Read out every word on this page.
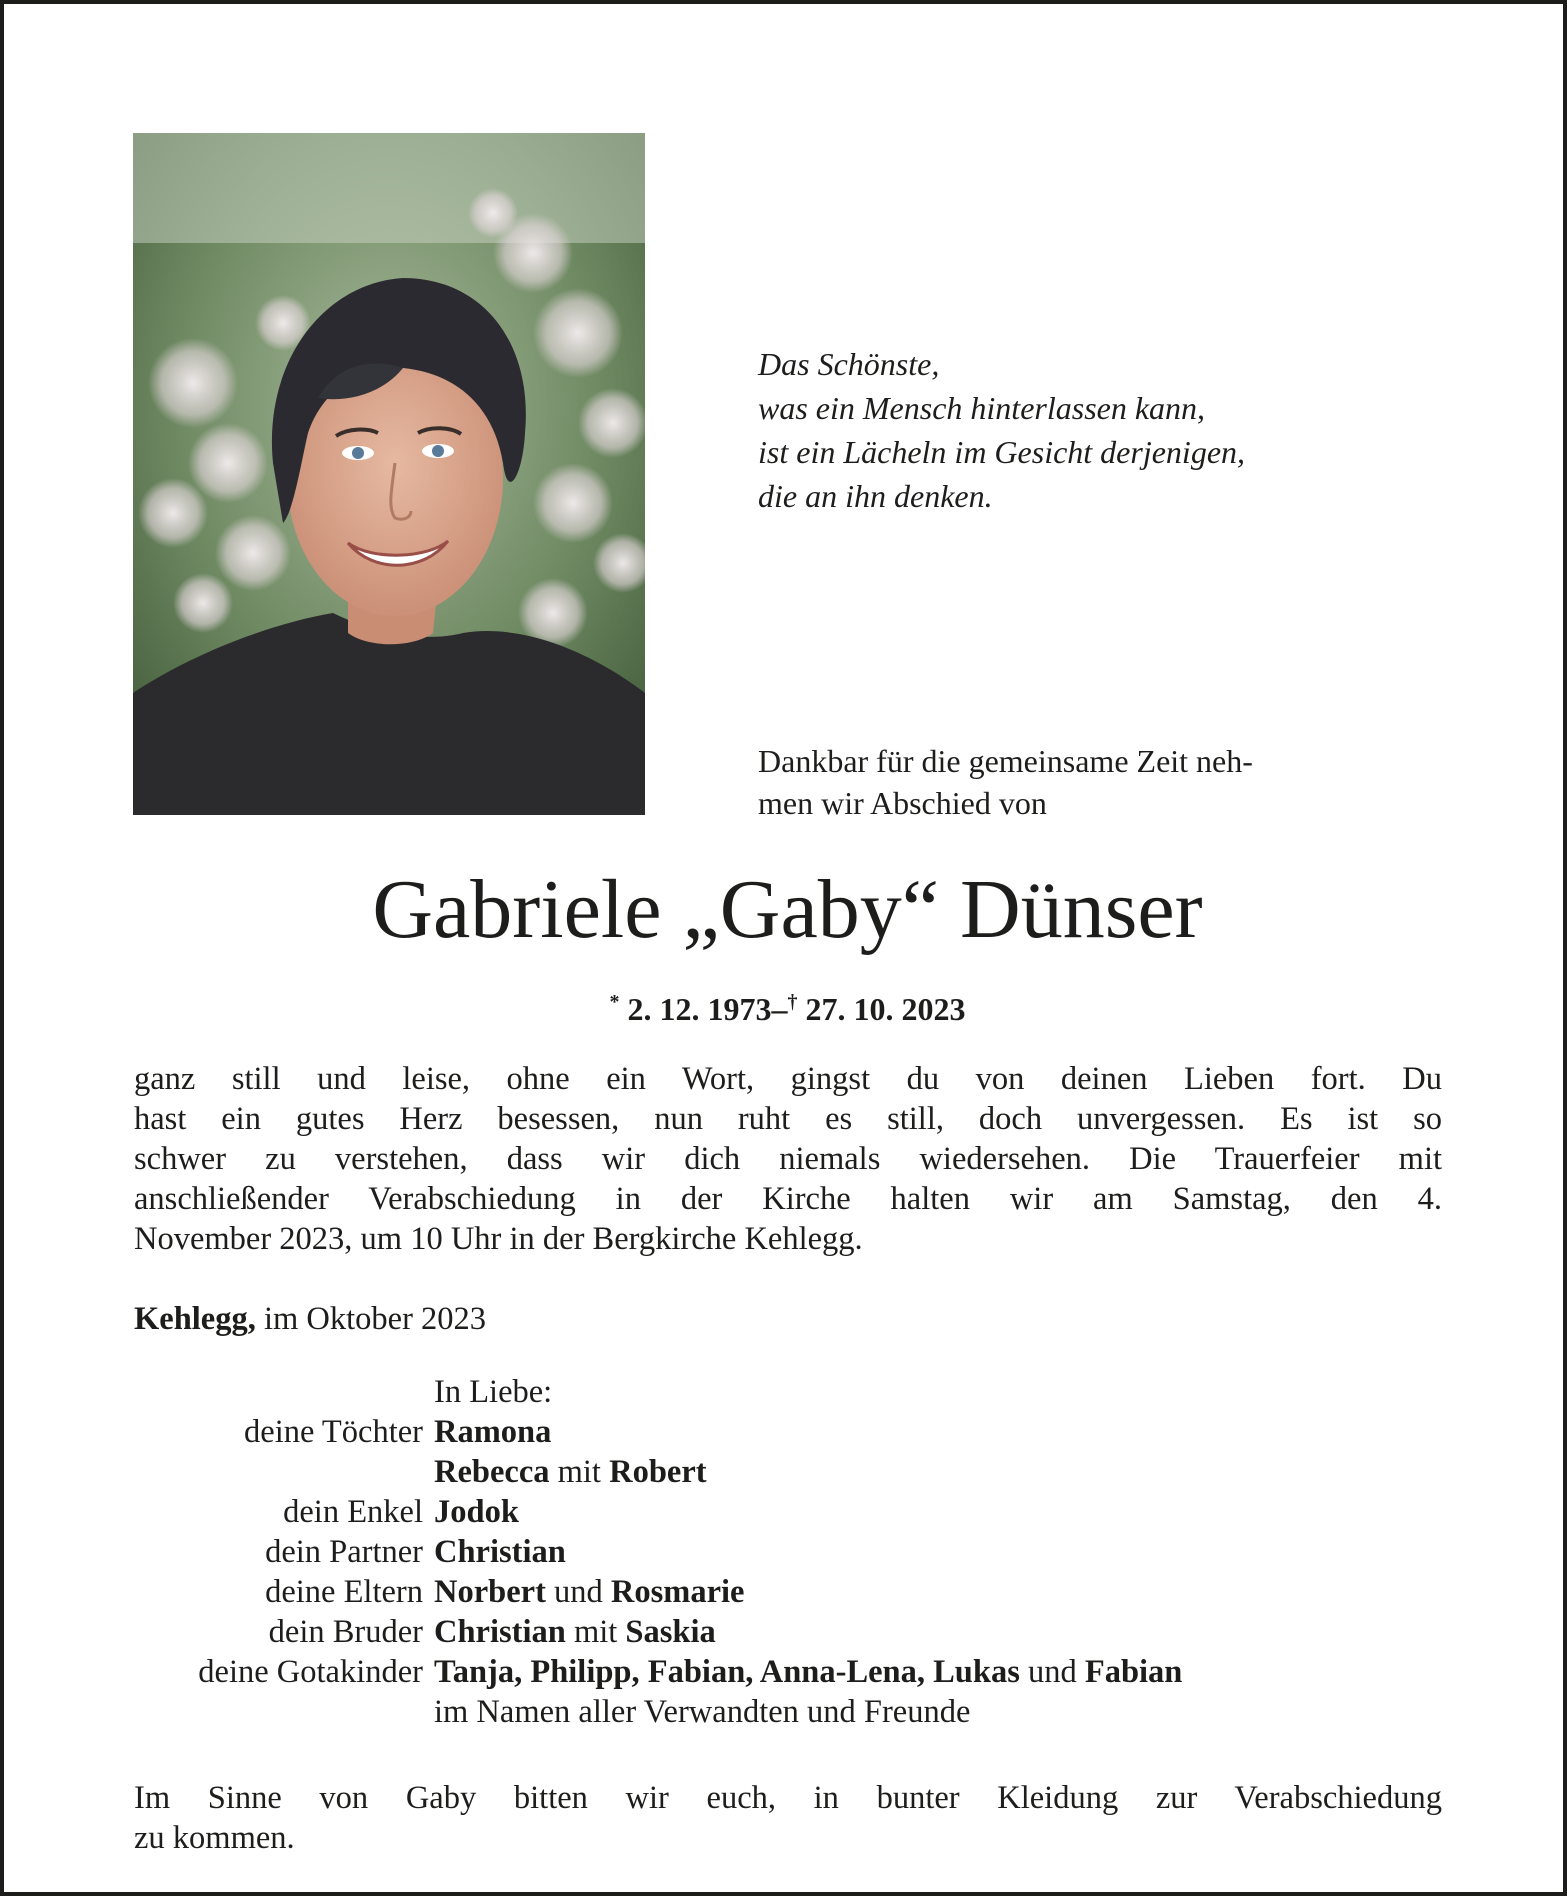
Das Schönste,
was ein Mensch hinterlassen kann,
ist ein Lächeln im Gesicht derjenigen,
die an ihn denken.
Dankbar für die gemeinsame Zeit neh-
men wir Abschied von
Gabriele „Gaby“ Dünser
* 2. 12. 1973–† 27. 10. 2023
ganz still und leise, ohne ein Wort, gingst du von deinen Lieben fort. Du
hast ein gutes Herz besessen, nun ruht es still, doch unvergessen. Es ist so
schwer zu verstehen, dass wir dich niemals wiedersehen. Die Trauerfeier mit
anschließender Verabschiedung in der Kirche halten wir am Samstag, den 4.
November 2023, um 10 Uhr in der Bergkirche Kehlegg.
Kehlegg, im Oktober 2023
In Liebe:
deine Töchter Ramona
Rebecca mit Robert
dein Enkel Jodok
dein Partner Christian
deine Eltern Norbert und Rosmarie
dein Bruder Christian mit Saskia
deine Gotakinder Tanja, Philipp, Fabian, Anna-Lena, Lukas und Fabian
im Namen aller Verwandten und Freunde
Im Sinne von Gaby bitten wir euch, in bunter Kleidung zur Verabschiedung
zu kommen.
